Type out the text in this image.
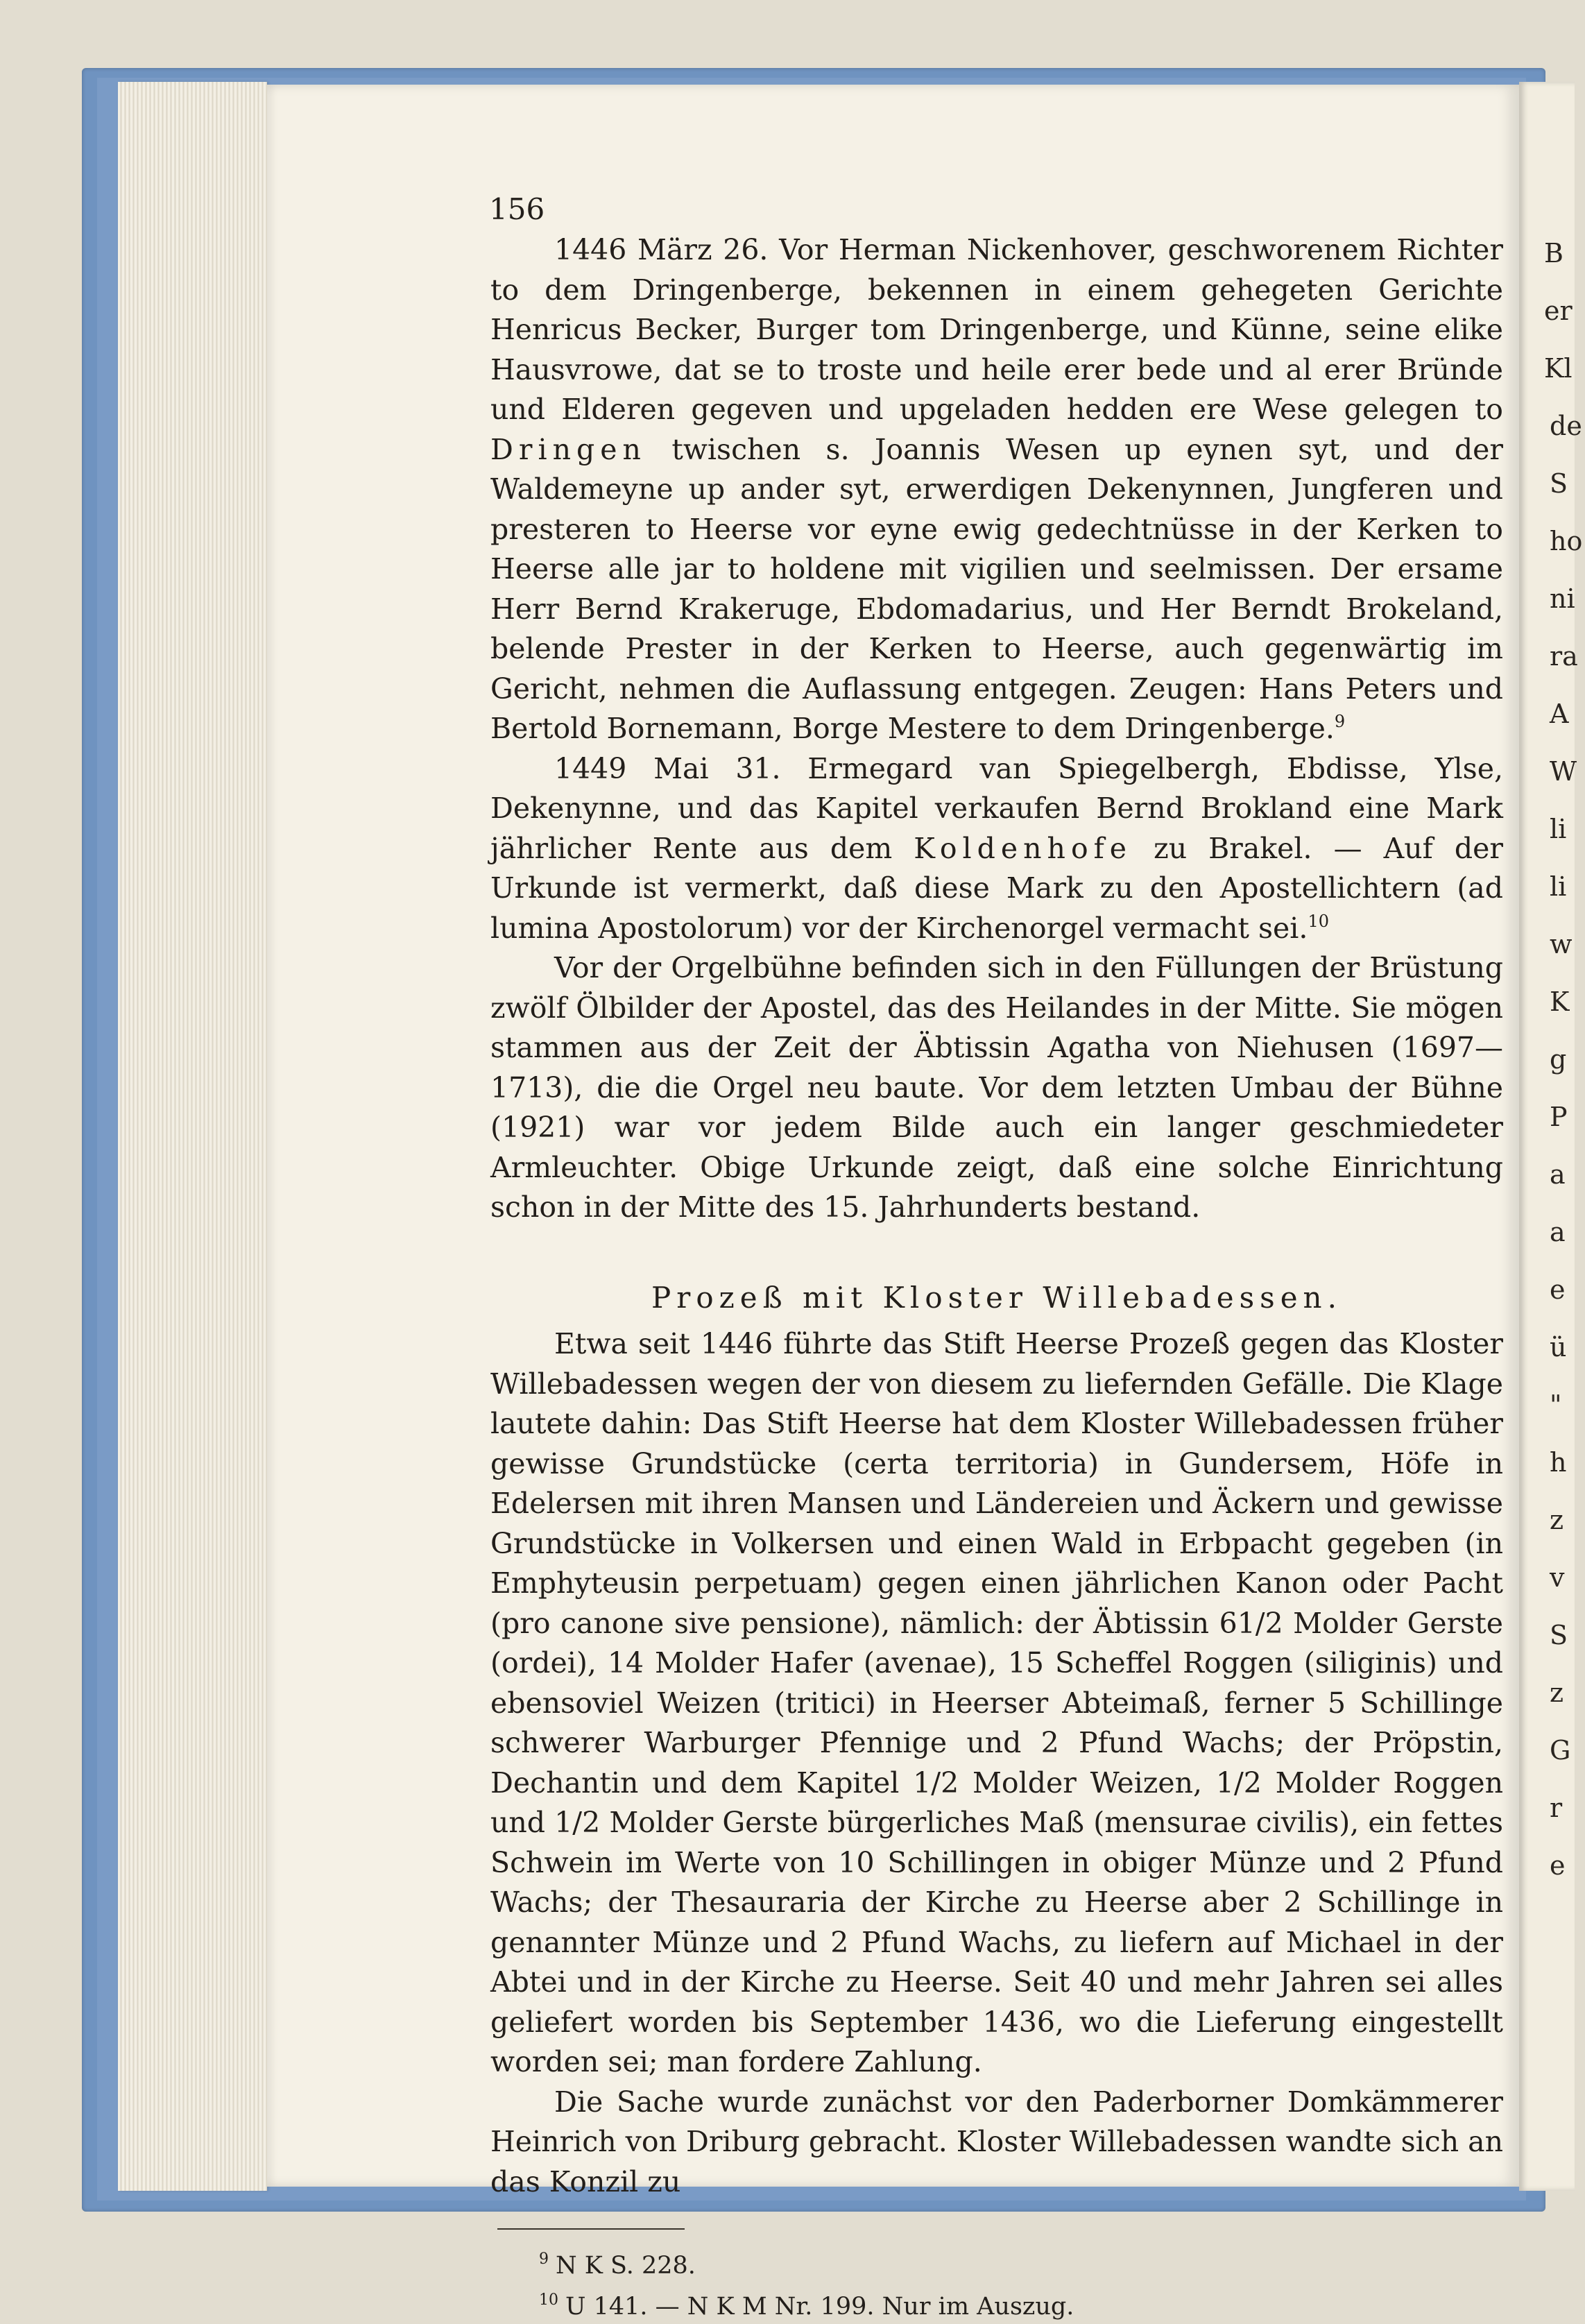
B
er
Kl
de
S
ho
ni
ra
A
W
li
li
w
K
g
P
a
a
e
ü
"
h
z
v
S
z
G
r
e
156

1446 März 26. Vor Herman Nickenhover, geschworenem Richter to dem Dringenberge, bekennen in einem gehegeten Gerichte Henricus Becker, Burger tom Dringenberge, und Künne, seine elike Hausvrowe, dat se to troste und heile erer bede und al erer Bründe und Elderen gegeven und upgeladen hedden ere Wese gelegen to Dringen twischen s. Joannis Wesen up eynen syt, und der Waldemeyne up ander syt, erwerdigen Dekenynnen, Jungferen und presteren to Heerse vor eyne ewig gedechtnüsse in der Kerken to Heerse alle jar to holdene mit vigilien und seelmissen. Der ersame Herr Bernd Krakeruge, Ebdomadarius, und Her Berndt Brokeland, belende Prester in der Kerken to Heerse, auch gegenwärtig im Gericht, nehmen die Auflassung entgegen. Zeugen: Hans Peters und Bertold Bornemann, Borge Mestere to dem Dringenberge.$^9$

1449 Mai 31. Ermegard van Spiegelbergh, Ebdisse, Ylse, Dekenynne, und das Kapitel verkaufen Bernd Brokland eine Mark jährlicher Rente aus dem Koldenhofe zu Brakel. — Auf der Urkunde ist vermerkt, daß diese Mark zu den Apostellichtern (ad lumina Apostolorum) vor der Kirchenorgel vermacht sei.$^{10}$

Vor der Orgelbühne befinden sich in den Füllungen der Brüstung zwölf Ölbilder der Apostel, das des Heilandes in der Mitte. Sie mögen stammen aus der Zeit der Äbtissin Agatha von Niehusen (1697—1713), die die Orgel neu baute. Vor dem letzten Umbau der Bühne (1921) war vor jedem Bilde auch ein langer geschmiedeter Armleuchter. Obige Urkunde zeigt, daß eine solche Einrichtung schon in der Mitte des 15. Jahrhunderts bestand.

Prozeß mit Kloster Willebadessen.

Etwa seit 1446 führte das Stift Heerse Prozeß gegen das Kloster Willebadessen wegen der von diesem zu liefernden Gefälle. Die Klage lautete dahin: Das Stift Heerse hat dem Kloster Willebadessen früher gewisse Grundstücke (certa territoria) in Gundersem, Höfe in Edelersen mit ihren Mansen und Ländereien und Äckern und gewisse Grundstücke in Volkersen und einen Wald in Erbpacht gegeben (in Emphyteusin perpetuam) gegen einen jährlichen Kanon oder Pacht (pro canone sive pensione), nämlich: der Äbtissin 61/2 Molder Gerste (ordei), 14 Molder Hafer (avenae), 15 Scheffel Roggen (siliginis) und ebensoviel Weizen (tritici) in Heerser Abteimaß, ferner 5 Schillinge schwerer Warburger Pfennige und 2 Pfund Wachs; der Pröpstin, Dechantin und dem Kapitel 1/2 Molder Weizen, 1/2 Molder Roggen und 1/2 Molder Gerste bürgerliches Maß (mensurae civilis), ein fettes Schwein im Werte von 10 Schillingen in obiger Münze und 2 Pfund Wachs; der Thesauraria der Kirche zu Heerse aber 2 Schillinge in genannter Münze und 2 Pfund Wachs, zu liefern auf Michael in der Abtei und in der Kirche zu Heerse. Seit 40 und mehr Jahren sei alles geliefert worden bis September 1436, wo die Lieferung eingestellt worden sei; man fordere Zahlung.

Die Sache wurde zunächst vor den Paderborner Domkämmerer Heinrich von Driburg gebracht. Kloster Willebadessen wandte sich an das Konzil zu

$^9$ N K S. 228.
$^{10}$ U 141. — N K M Nr. 199. Nur im Auszug.
